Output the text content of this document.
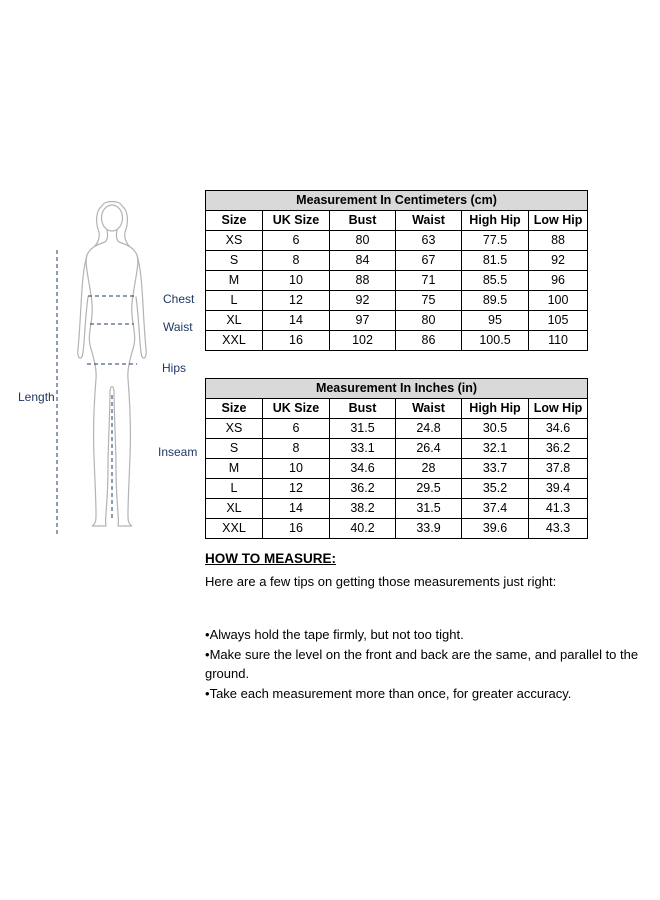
Chest
Waist
Hips
Length
Inseam
Measurement In Centimeters (cm)					
Size	UK Size	Bust	Waist	High Hip	Low Hip
XS	6	80	63	77.5	88
S	8	84	67	81.5	92
M	10	88	71	85.5	96
L	12	92	75	89.5	100
XL	14	97	80	95	105
XXL	16	102	86	100.5	110
Measurement In Inches (in)					
Size	UK Size	Bust	Waist	High Hip	Low Hip
XS	6	31.5	24.8	30.5	34.6
S	8	33.1	26.4	32.1	36.2
M	10	34.6	28	33.7	37.8
L	12	36.2	29.5	35.2	39.4
XL	14	38.2	31.5	37.4	41.3
XXL	16	40.2	33.9	39.6	43.3

HOW TO MEASURE:

Here are a few tips on getting those measurements just right:

• Always hold the tape firmly, but not too tight.
• Make sure the level on the front and back are the same, and parallel to the ground.
• Take each measurement more than once, for greater accuracy.
